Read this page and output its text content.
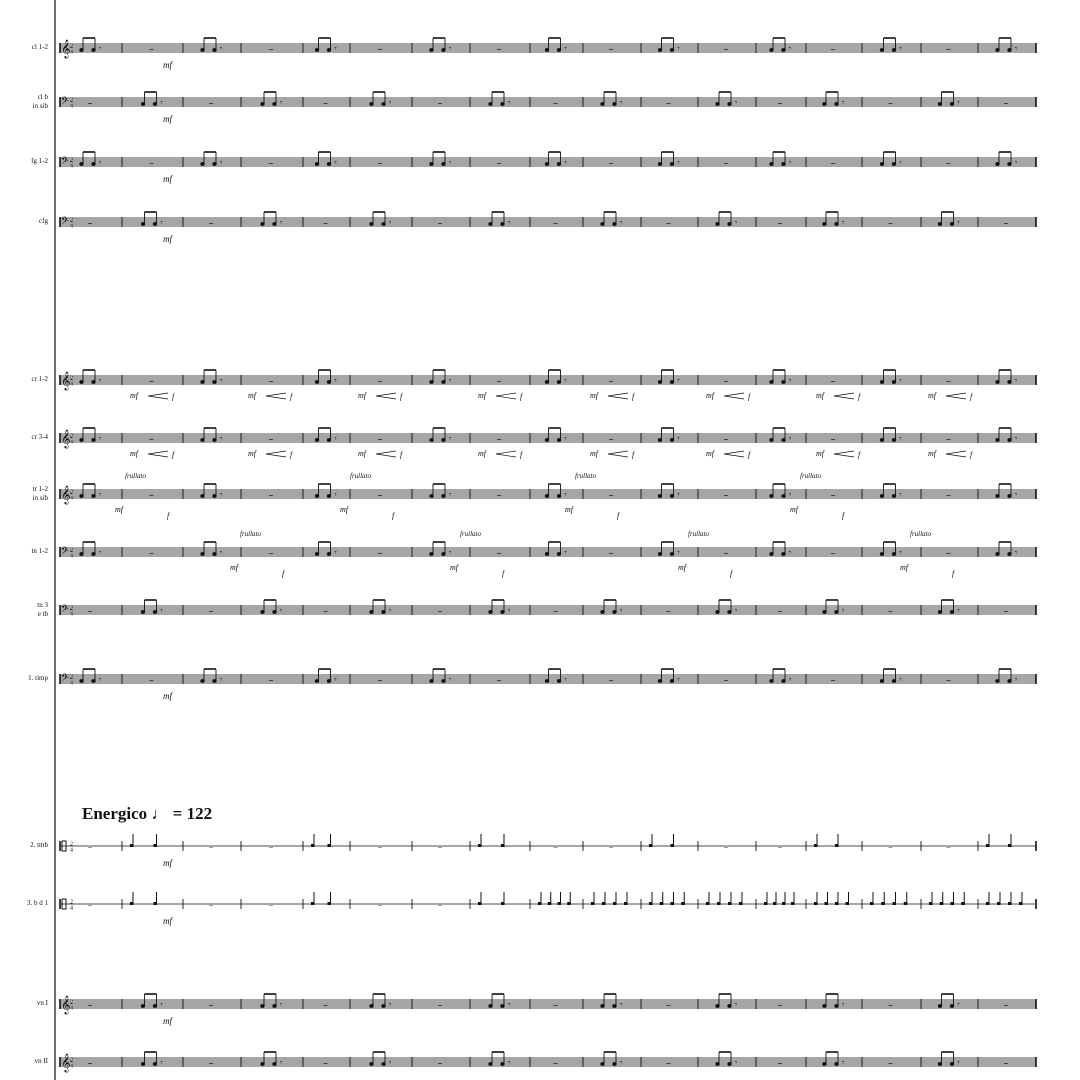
𝄞 2
4	𝄾	–	𝄾	–	𝄾	–	𝄾	–	𝄾	–	𝄾	–	𝄾	–	𝄾	–	𝄾
𝄢 2
4 –	𝄾	–	𝄾	–	𝄾	–	𝄾	–	𝄾	–	𝄾	–	𝄾	–	𝄾	–
𝄢 2
4	𝄾	–	𝄾	–	𝄾	–	𝄾	–	𝄾	–	𝄾	–	𝄾	–	𝄾	–	𝄾
𝄢 2
4 –	𝄾	–	𝄾	–	𝄾	–	𝄾	–	𝄾	–	𝄾	–	𝄾	–	𝄾	–
𝄞 2
4	𝄾	–	𝄾	–	𝄾	–	𝄾	–	𝄾	–	𝄾	–	𝄾	–	𝄾	–	𝄾
𝄞 2
4	𝄾	–	𝄾	–	𝄾	–	𝄾	–	𝄾	–	𝄾	–	𝄾	–	𝄾	–	𝄾
𝄞 2
4	𝄾	–	𝄾	–	𝄾	–	𝄾	–	𝄾	–	𝄾	–	𝄾	–	𝄾	–	𝄾
𝄢 2
4	𝄾	–	𝄾	–	𝄾	–	𝄾	–	𝄾	–	𝄾	–	𝄾	–	𝄾	–	𝄾
𝄢 2
4 –	𝄾	–	𝄾	–	𝄾	–	𝄾	–	𝄾	–	𝄾	–	𝄾	–	𝄾	–
𝄢 2
4	𝄾	–	𝄾	–	𝄾	–	𝄾	–	𝄾	–	𝄾	–	𝄾	–	𝄾	–	𝄾
2
4 –	–	–	–	–	–	–	–	–	–	–
2
4 –	–	–	–	–
𝄞 2
4 –	𝄾	–	𝄾	–	𝄾	–	𝄾	–	𝄾	–	𝄾	–	𝄾	–	𝄾	–
𝄞 2
4 –	𝄾	–	𝄾	–	𝄾	–	𝄾	–	𝄾	–	𝄾	–	𝄾	–	𝄾	–
mf
mf
mf
mf
mf
mf
mf
mf
mf	f	mf	f	mf	f	mf	f	mf	f	mf	f	mf	f	mf	f
mf	f	mf	f	mf	f	mf	f	mf	f	mf	f	mf	f	mf	f
frullato
mf
f
frullato
mf
f
frullato
mf
f
frullato
mf
f
frullato
mf
f
frullato
mf
f
frullato
mf
f
frullato
mf
f
cl 1-2
cl b
in sib
fg 1-2
cfg
cr 1-2
cr 3-4
tr 1-2
in sib
tn 1-2
tn 3
e tb
1. timp
2. tmb
3. b d 1
vn I
vn II
Energico ♩ = 122
